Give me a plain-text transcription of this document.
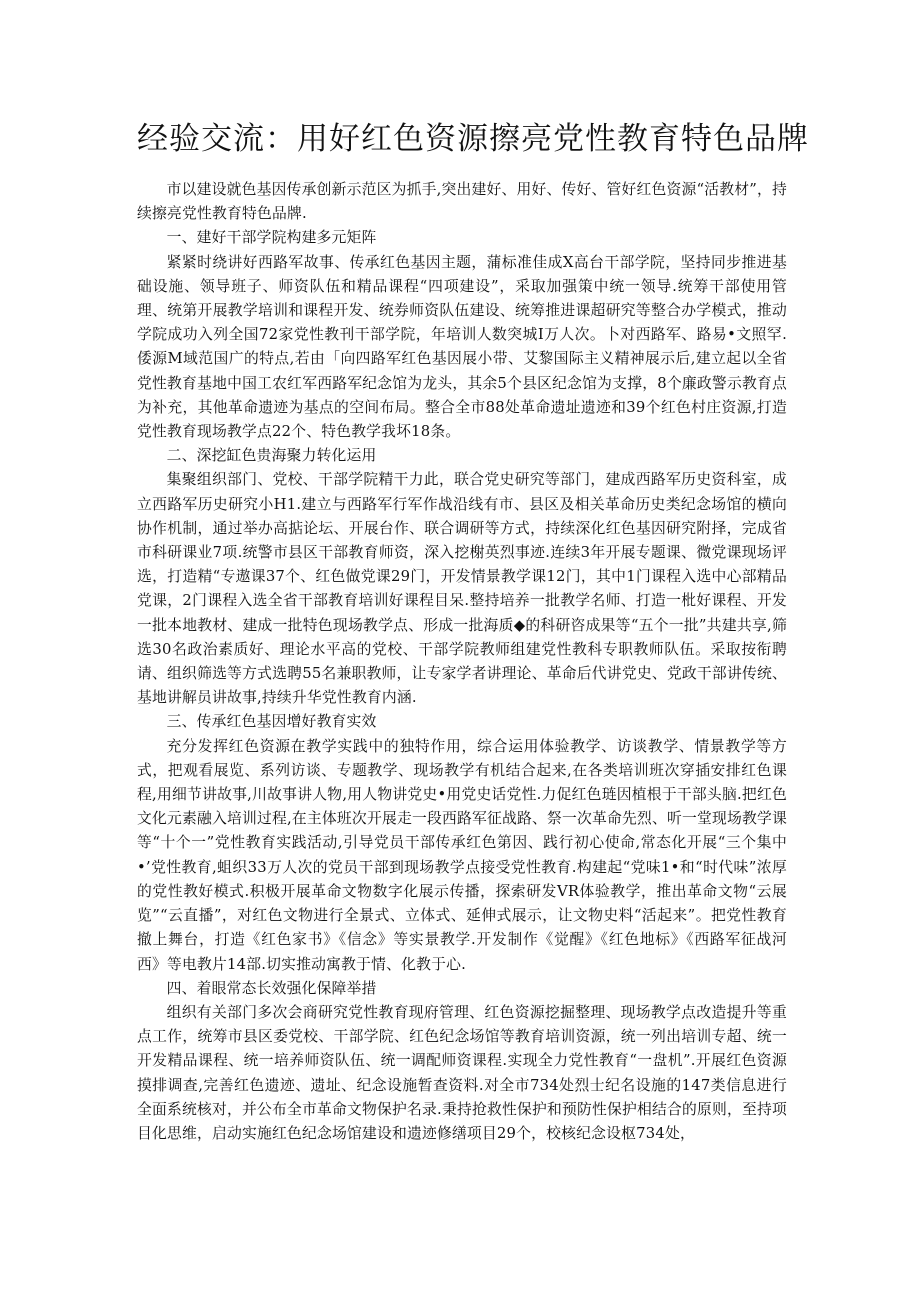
经验交流：用好红色资源擦亮党性教育特色品牌

市以建设就色基因传承创新示范区为抓手,突出建好、用好、传好、管好红色资源“活教材”，持续擦亮党性教育特色品牌.

一、建好干部学院构建多元矩阵

紧紧时绕讲好西路军故事、传承红色基因主题，蒲标准佳成X高台干部学院，坚持同步推进基础设施、领导班子、师资队伍和精品课程“四项建设”，采取加强策中统一领导.统筹干部使用管理、统第开展教学培训和课程开发、统券师资队伍建设、统筹推进课超研究等整合办学模式，推动学院成功入列全国72家党性教刊干部学院，年培训人数突城I万人次。卜对西路军、路易•文照罕.倭源M域范国广的特点,若由「向四路军红色基因展小带、艾黎国际主义精神展示后,建立起以全省党性教育基地中国工农红军西路军纪念馆为龙头，其余5个县区纪念馆为支撑，8个廉政警示教育点为补充，其他革命遗迹为基点的空间布局。整合全市88处革命遗址遗迹和39个红色村庄资源,打造党性教育现场教学点22个、特色教学我坏18条。

二、深挖缸色贵海聚力转化运用

集聚组织部门、党校、干部学院精干力此，联合党史研究等部门，建成西路军历史资科室，成立西路军历史研究小H1.建立与西路军行军作战沿线有市、县区及相关革命历史类纪念场馆的横向协作机制，通过举办高掂论坛、开展台作、联合调研等方式，持续深化红色基因研究附择，完成省市科研课业7项.统警市县区干部教育师资，深入挖榭英烈事迹.连续3年开展专题课、微党课现场评选，打造精“专遨课37个、红色做党课29门，开发情景教学课12门，其中1门课程入选中心部精品党课，2门课程入选全省干部教育培训好课程目呆.整持培养一批教学名师、打造一枇好课程、开发一批本地教材、建成一批特色现场教学点、形成一批海质◆的科研咨成果等“五个一批”共建共享,筛选30名政治素质好、理论水平高的党校、干部学院教师组建党性教科专职教师队伍。采取按衔聘请、组织筛选等方式选聘55名兼职教师，让专家学者讲理论、革命后代讲党史、党政干部讲传统、基地讲解员讲故事,持续升华党性教育内涵.

三、传承红色基因增好教育实效

充分发挥红色资源在教学实践中的独特作用，综合运用体验教学、访谈教学、情景教学等方式，把观看展览、系列访谈、专题教学、现场教学有机结合起来,在各类培训班次穿插安排红色课程,用细节讲故事,川故事讲人物,用人物讲党史•用党史话党性.力促红色琏因植根于干部头脑.把红色文化元素融入培训过程,在主体班次开展走一段西路军征战路、祭一次革命先烈、听一堂现场教学课等“十个一”党性教育实践活动,引导党员干部传承红色第因、践行初心使命,常态化开展“三个集中•’党性教育,蛆织33万人次的党员干部到现场教学点接受党性教育.构建起“党味1•和“时代味”浓厚的党性教好模式.积极开展革命文物数字化展示传播，探索研发VR体验教学，推出革命文物“云展览”“云直播”，对红色文物进行全景式、立体式、延伸式展示，让文物史料“活起来”。把党性教育撤上舞台，打造《红色家书》《信念》等实景教学.开发制作《觉醒》《红色地标》《西路军征战河西》等电教片14部.切实推动寓教于情、化教于心.

四、着眼常态长效强化保障举措

组织有关部门多次会商研究党性教育现府管理、红色资源挖掘整理、现场教学点改造提升等重点工作，统筹市县区委党校、干部学院、红色纪念场馆等教育培训资源，统一列出培训专超、统一开发精品课程、统一培养师资队伍、统一调配师资课程.实现全力党性教育“一盘机”.开展红色资源摸排调查,完善红色遗迹、遗址、纪念设施暂查资料.对全市734处烈士纪名设施的147类信息进行全面系统核对，并公布全市革命文物保护名录.秉持抢救性保护和预防性保护相结合的原则，至持项目化思维，启动实施红色纪念场馆建设和遗迹修缮项目29个，校核纪念设枢734处，
